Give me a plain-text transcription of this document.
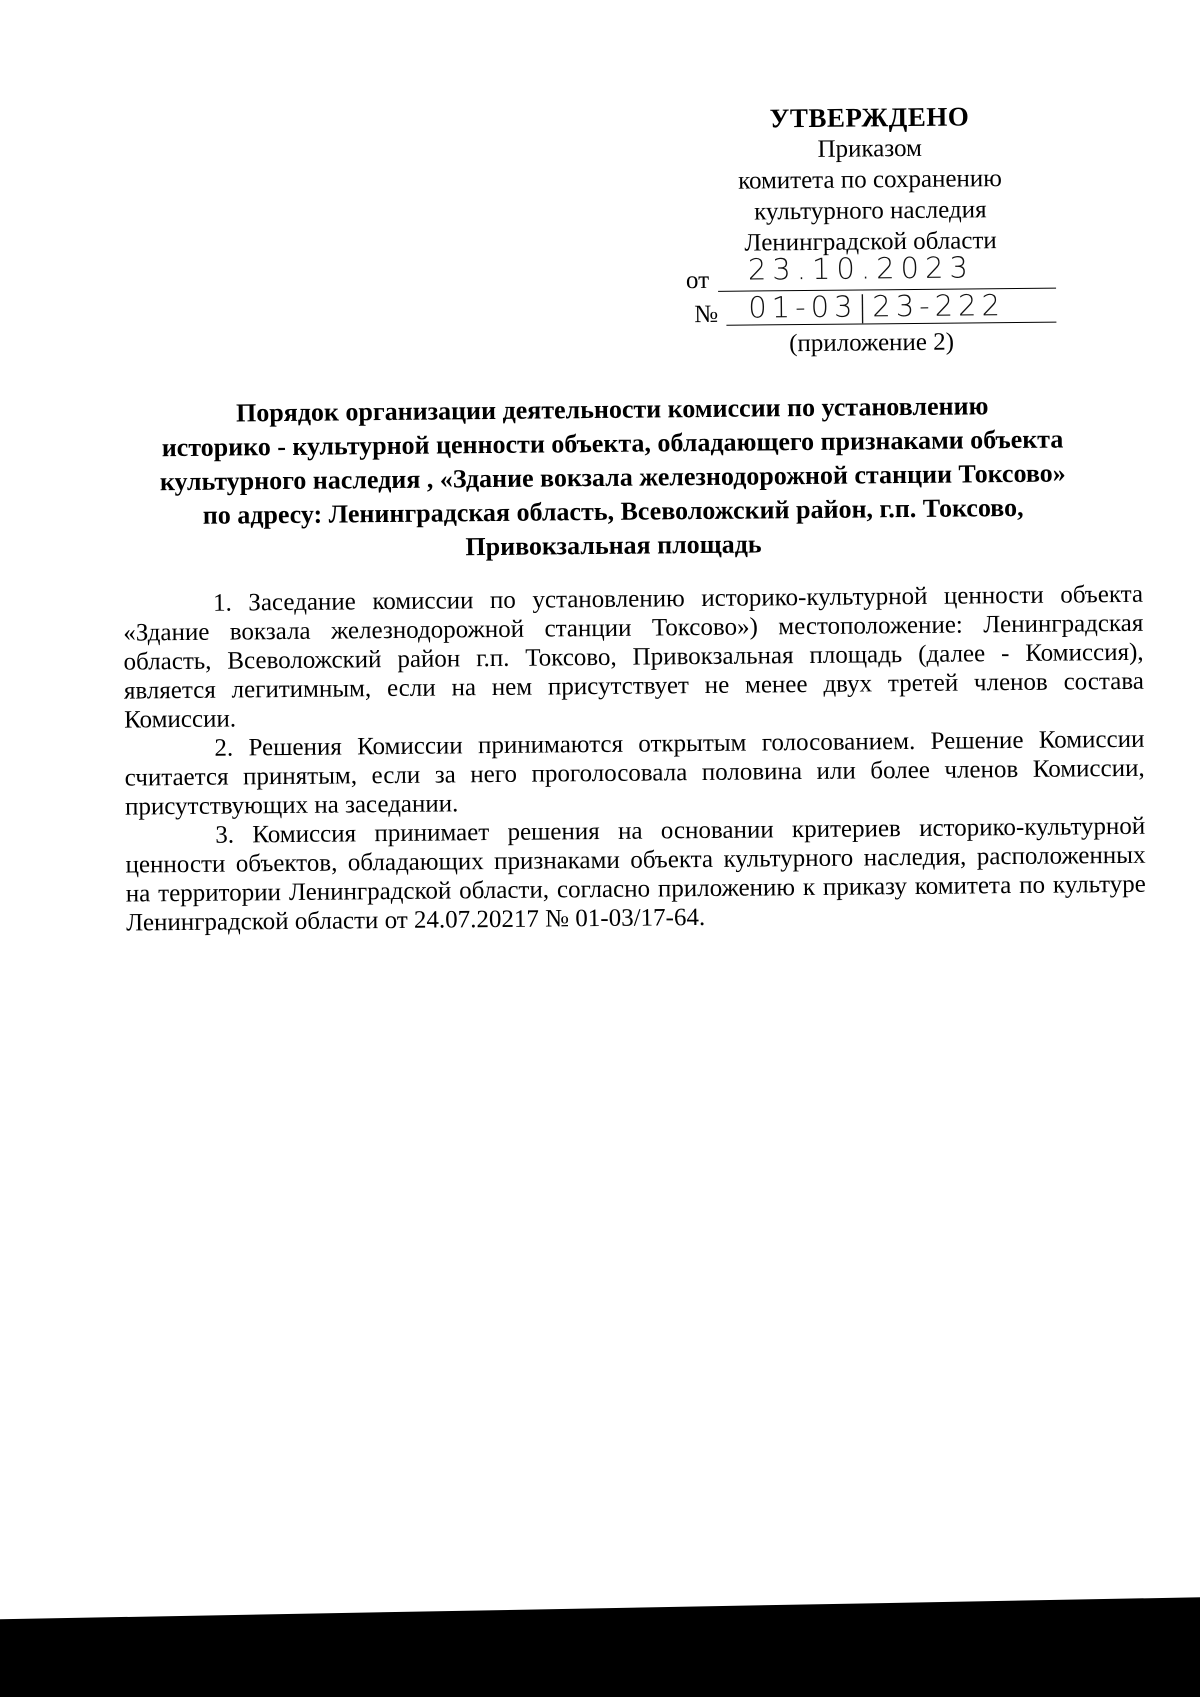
УТВЕРЖДЕНО
Приказом
комитета по сохранению
культурного наследия
Ленинградской области
от 23.10.2023
№ 01-03|23-222
(приложение 2)
Порядок организации деятельности комиссии по установлению
историко - культурной ценности объекта, обладающего признаками объекта
культурного наследия , «Здание вокзала железнодорожной станции Токсово»
по адресу: Ленинградская область, Всеволожский район, г.п. Токсово,
Привокзальная площадь

1. Заседание комиссии по установлению историко-культурной ценности объекта «Здание вокзала железнодорожной станции Токсово») местоположение: Ленинградская область, Всеволожский район г.п. Токсово, Привокзальная площадь (далее - Комиссия), является легитимным, если на нем присутствует не менее двух третей членов состава Комиссии.

2. Решения Комиссии принимаются открытым голосованием. Решение Комиссии считается принятым, если за него проголосовала половина или более членов Комиссии, присутствующих на заседании.

3. Комиссия принимает решения на основании критериев историко-культурной ценности объектов, обладающих признаками объекта культурного наследия, расположенных на территории Ленинградской области, согласно приложению к приказу комитета по культуре Ленинградской области от 24.07.20217 № 01-03/17-64.
